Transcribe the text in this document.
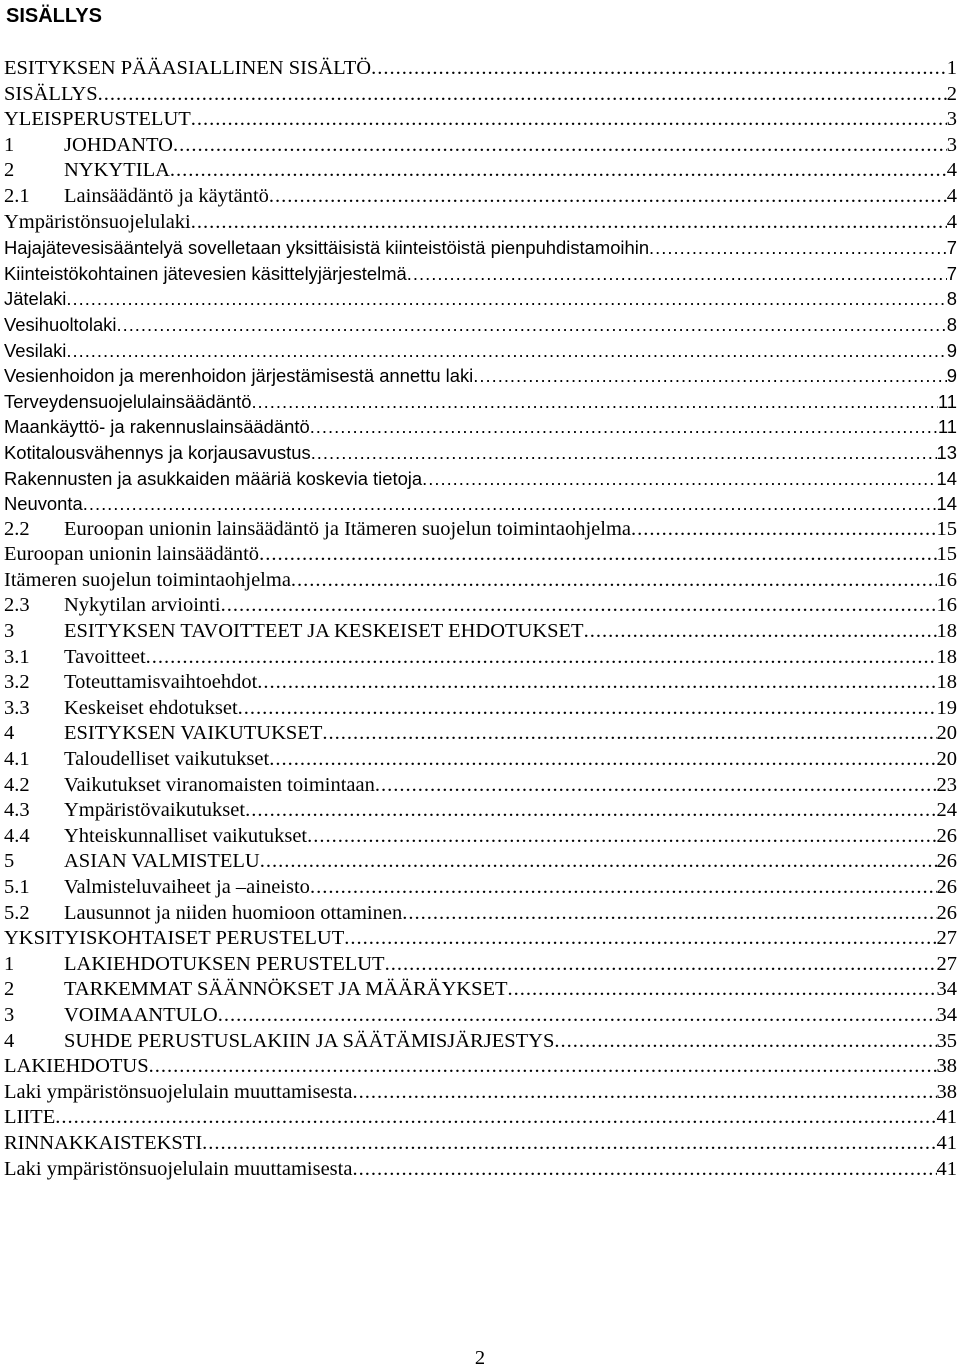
SISÄLLYS
ESITYKSEN PÄÄASIALLINEN SISÄLTÖ .....	1
SISÄLLYS .....	2
YLEISPERUSTELUT .....	3
1	JOHDANTO .....	3
2	NYKYTILA .....	4
2.1	Lainsäädäntö ja käytäntö .....	4
Ympäristönsuojelulaki .....	4
Hajajätevesisääntelyä sovelletaan yksittäisistä kiinteistöistä pienpuhdistamoihin .....	7
Kiinteistökohtainen jätevesien käsittelyjärjestelmä .....	7
Jätelaki .....	8
Vesihuoltolaki .....	8
Vesilaki .....	9
Vesienhoidon ja merenhoidon järjestämisestä annettu laki .....	9
Terveydensuojelulainsäädäntö .....	11
Maankäyttö- ja rakennuslainsäädäntö .....	11
Kotitalousvähennys ja korjausavustus .....	13
Rakennusten ja asukkaiden määriä koskevia tietoja .....	14
Neuvonta .....	14
2.2	Euroopan unionin lainsäädäntö ja Itämeren suojelun toimintaohjelma .....	15
Euroopan unionin lainsäädäntö .....	15
Itämeren suojelun toimintaohjelma .....	16
2.3	Nykytilan arviointi .....	16
3	ESITYKSEN TAVOITTEET JA KESKEISET EHDOTUKSET .....	18
3.1	Tavoitteet .....	18
3.2	Toteuttamisvaihtoehdot .....	18
3.3	Keskeiset ehdotukset .....	19
4	ESITYKSEN VAIKUTUKSET .....	20
4.1	Taloudelliset vaikutukset .....	20
4.2	Vaikutukset viranomaisten toimintaan .....	23
4.3	Ympäristövaikutukset .....	24
4.4	Yhteiskunnalliset vaikutukset .....	26
5	ASIAN VALMISTELU .....	26
5.1	Valmisteluvaiheet ja –aineisto .....	26
5.2	Lausunnot ja niiden huomioon ottaminen .....	26
YKSITYISKOHTAISET PERUSTELUT .....	27
1	LAKIEHDOTUKSEN PERUSTELUT .....	27
2	TARKEMMAT SÄÄNNÖKSET JA MÄÄRÄYKSET .....	34
3	VOIMAANTULO .....	34
4	SUHDE PERUSTUSLAKIIN JA SÄÄTÄMISJÄRJESTYS .....	35
LAKIEHDOTUS .....	38
Laki ympäristönsuojelulain muuttamisesta .....	38
LIITE .....	41
RINNAKKAISTEKSTI .....	41
Laki ympäristönsuojelulain muuttamisesta .....	41
2
